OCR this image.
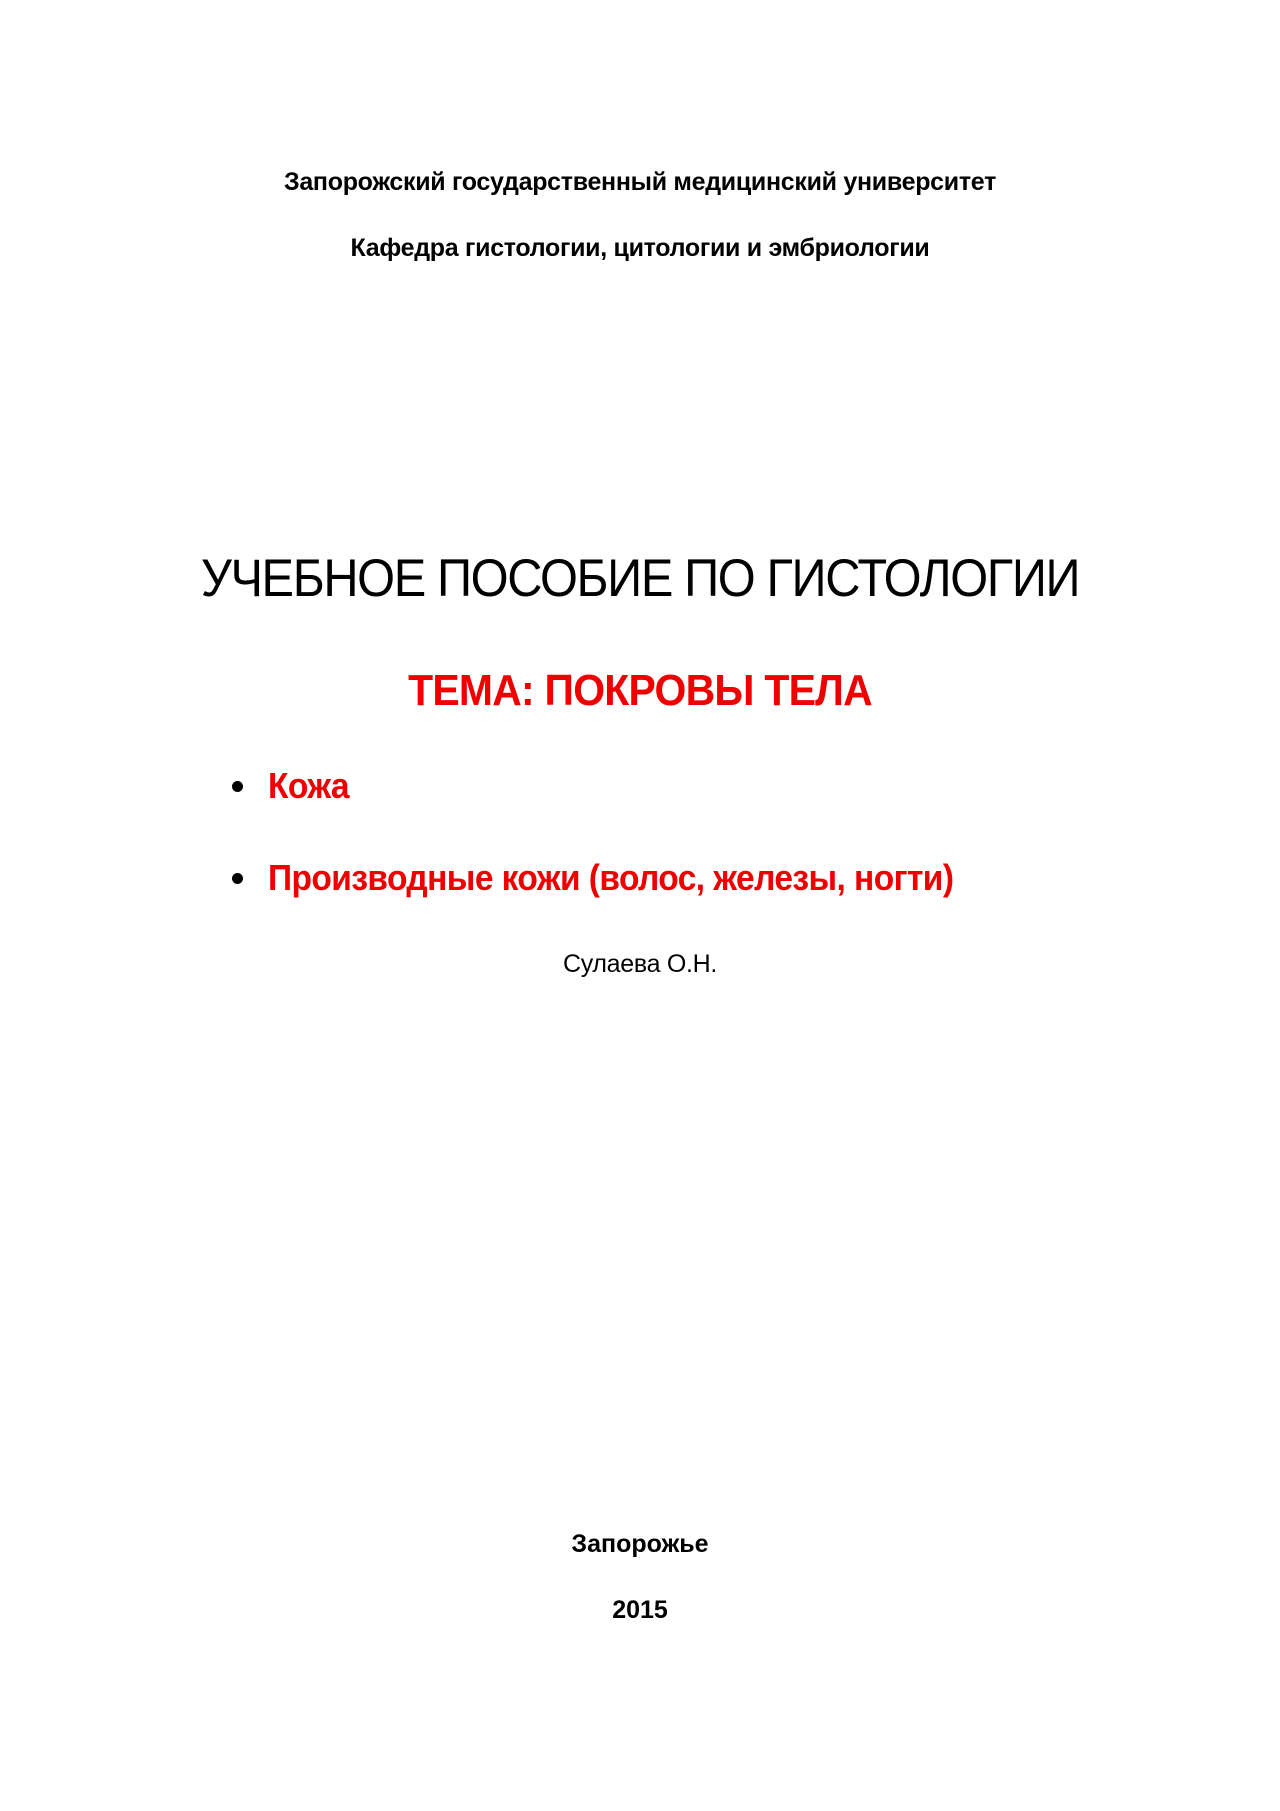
Запорожский государственный медицинский университет
Кафедра гистологии, цитологии и эмбриологии
УЧЕБНОЕ ПОСОБИЕ ПО ГИСТОЛОГИИ
ТЕМА: ПОКРОВЫ ТЕЛА
Кожа
Производные кожи (волос, железы, ногти)
Сулаева О.Н.
Запорожье
2015
